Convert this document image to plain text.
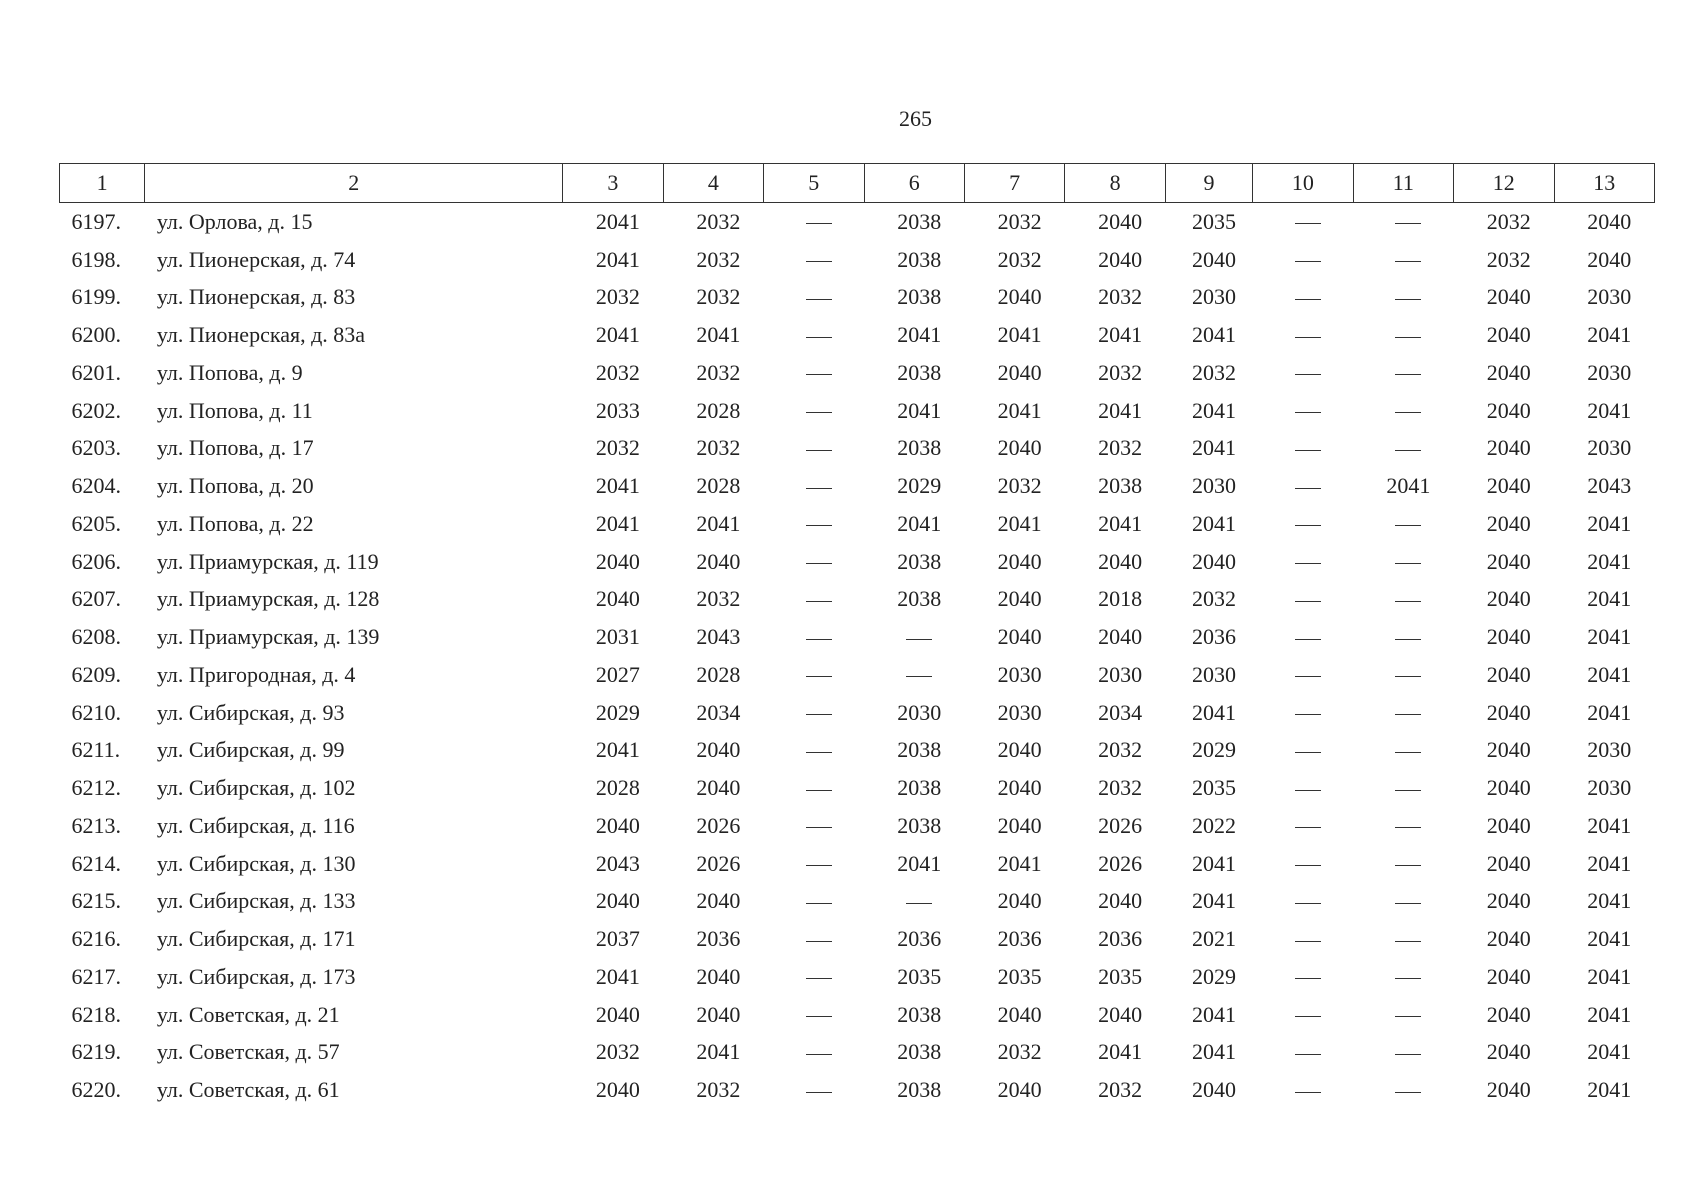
265
1	2	3	4	5	6	7	8	9	10	11	12	13
6197.	ул. Орлова, д. 15	2041	2032		2038	2032	2040	2035			2032	2040
6198.	ул. Пионерская, д. 74	2041	2032		2038	2032	2040	2040			2032	2040
6199.	ул. Пионерская, д. 83	2032	2032		2038	2040	2032	2030			2040	2030
6200.	ул. Пионерская, д. 83а	2041	2041		2041	2041	2041	2041			2040	2041
6201.	ул. Попова, д. 9	2032	2032		2038	2040	2032	2032			2040	2030
6202.	ул. Попова, д. 11	2033	2028		2041	2041	2041	2041			2040	2041
6203.	ул. Попова, д. 17	2032	2032		2038	2040	2032	2041			2040	2030
6204.	ул. Попова, д. 20	2041	2028		2029	2032	2038	2030		2041	2040	2043
6205.	ул. Попова, д. 22	2041	2041		2041	2041	2041	2041			2040	2041
6206.	ул. Приамурская, д. 119	2040	2040		2038	2040	2040	2040			2040	2041
6207.	ул. Приамурская, д. 128	2040	2032		2038	2040	2018	2032			2040	2041
6208.	ул. Приамурская, д. 139	2031	2043			2040	2040	2036			2040	2041
6209.	ул. Пригородная, д. 4	2027	2028			2030	2030	2030			2040	2041
6210.	ул. Сибирская, д. 93	2029	2034		2030	2030	2034	2041			2040	2041
6211.	ул. Сибирская, д. 99	2041	2040		2038	2040	2032	2029			2040	2030
6212.	ул. Сибирская, д. 102	2028	2040		2038	2040	2032	2035			2040	2030
6213.	ул. Сибирская, д. 116	2040	2026		2038	2040	2026	2022			2040	2041
6214.	ул. Сибирская, д. 130	2043	2026		2041	2041	2026	2041			2040	2041
6215.	ул. Сибирская, д. 133	2040	2040			2040	2040	2041			2040	2041
6216.	ул. Сибирская, д. 171	2037	2036		2036	2036	2036	2021			2040	2041
6217.	ул. Сибирская, д. 173	2041	2040		2035	2035	2035	2029			2040	2041
6218.	ул. Советская, д. 21	2040	2040		2038	2040	2040	2041			2040	2041
6219.	ул. Советская, д. 57	2032	2041		2038	2032	2041	2041			2040	2041
6220.	ул. Советская, д. 61	2040	2032		2038	2040	2032	2040			2040	2041
